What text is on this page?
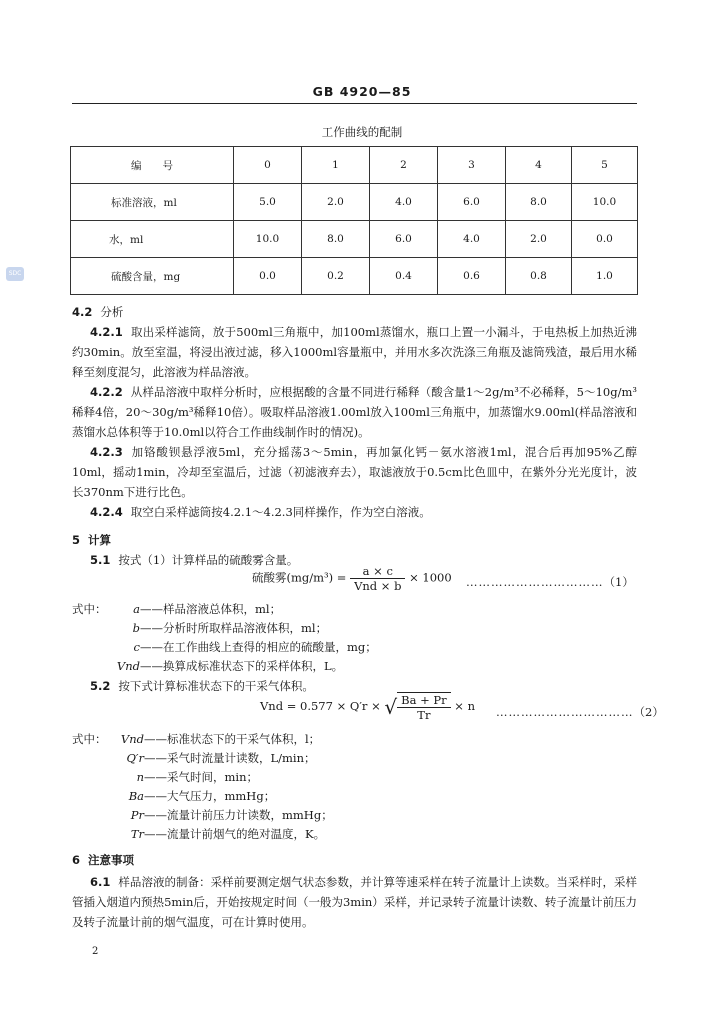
GB 4920—85
SDC
工作曲线的配制
编　　号	0	1	2	3	4	5
标准溶液，ml	5.0	2.0	4.0	6.0	8.0	10.0
水，ml	10.0	8.0	6.0	4.0	2.0	0.0
硫酸含量，mg	0.0	0.2	0.4	0.6	0.8	1.0
4.2 分析
4.2.1 取出采样滤筒，放于500ml三角瓶中，加100ml蒸馏水，瓶口上置一小漏斗，于电热板上加热近沸约30min。放至室温，将浸出液过滤，移入1000ml容量瓶中，并用水多次洗涤三角瓶及滤筒残渣，最后用水稀释至刻度混匀，此溶液为样品溶液。
4.2.2 从样品溶液中取样分析时，应根据酸的含量不同进行稀释（酸含量1～2g/m³不必稀释，5～10g/m³稀释4倍，20～30g/m³稀释10倍）。吸取样品溶液1.00ml放入100ml三角瓶中，加蒸馏水9.00ml(样品溶液和蒸馏水总体积等于10.0ml以符合工作曲线制作时的情况)。
4.2.3 加铬酸钡悬浮液5ml，充分摇荡3～5min，再加氯化钙－氨水溶液1ml，混合后再加95%乙醇10ml，摇动1min，冷却至室温后，过滤（初滤液弃去），取滤液放于0.5cm比色皿中，在紫外分光光度计，波长370nm下进行比色。
4.2.4 取空白采样滤筒按4.2.1～4.2.3同样操作，作为空白溶液。
5 计算
5.1 按式（1）计算样品的硫酸雾含量。
硫酸雾$(mg/m^3) = \frac{a \times c}{\text{Vnd × b}} \times 1000$ ……………………………（1）
式中： a——样品溶液总体积，ml；
b——分析时所取样品溶液体积，ml；
c——在工作曲线上查得的相应的硫酸量，mg；
Vnd——换算成标准状态下的采样体积，L。
5.2 按下式计算标准状态下的干采气体积。
Vnd = 0.577 × Q′r × √ $\frac{Ba + Pr}{Tr} \times n$ ……………………………（2）
式中： Vnd——标准状态下的干采气体积，l；
Q′r——采气时流量计读数，L/min；
n——采气时间，min；
Ba——大气压力，mmHg；
Pr——流量计前压力计读数，mmHg；
Tr——流量计前烟气的绝对温度，K。
6 注意事项
6.1 样品溶液的制备：采样前要测定烟气状态参数，并计算等速采样在转子流量计上读数。当采样时，采样管插入烟道内预热5min后，开始按规定时间（一般为3min）采样，并记录转子流量计读数、转子流量计前压力及转子流量计前的烟气温度，可在计算时使用。
2
